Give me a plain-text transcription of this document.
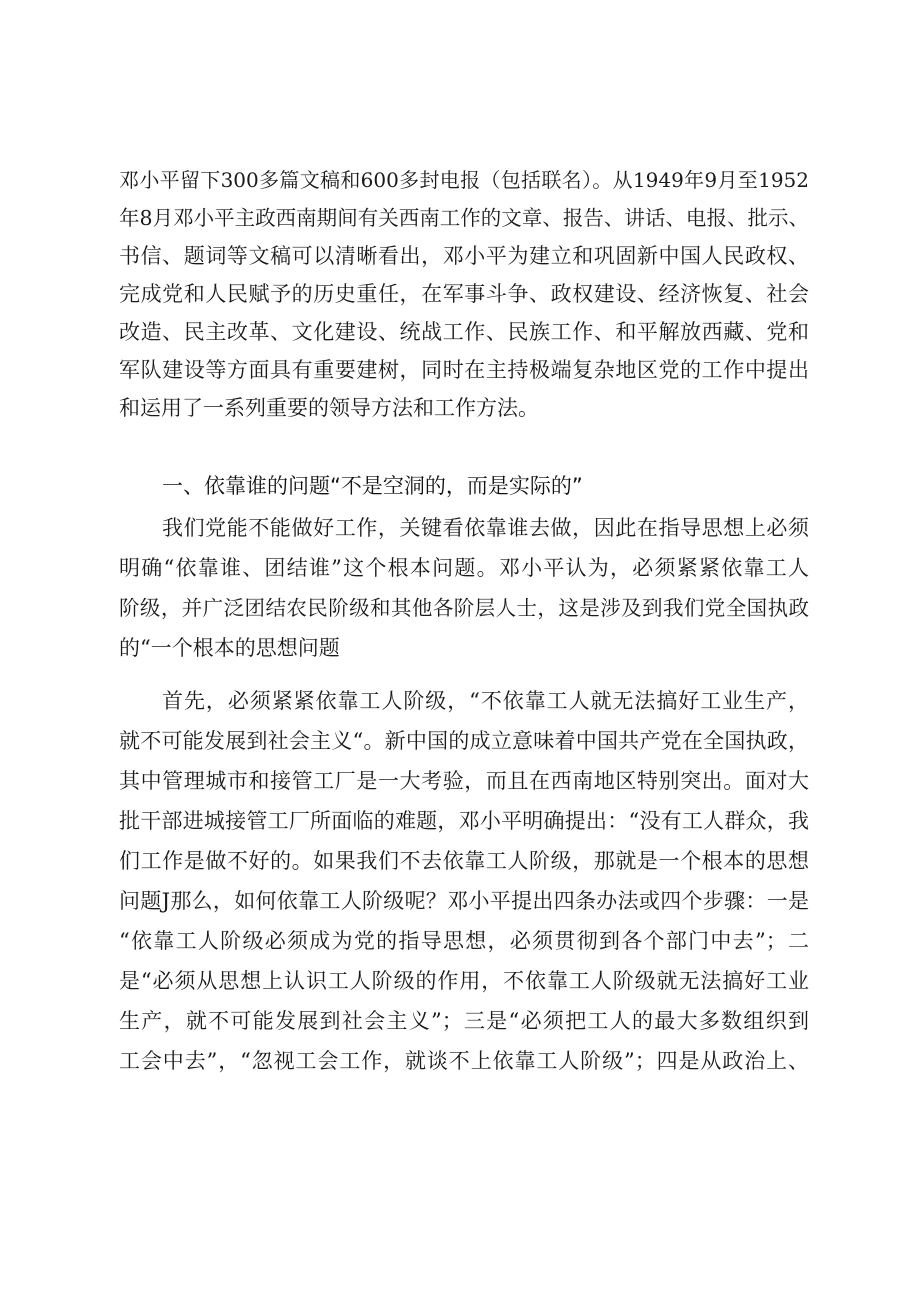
邓小平留下300多篇文稿和600多封电报（包括联名）。从1949年9月至1952
年8月邓小平主政西南期间有关西南工作的文章、报告、讲话、电报、批示、
书信、题词等文稿可以清晰看出，邓小平为建立和巩固新中国人民政权、
完成党和人民赋予的历史重任，在军事斗争、政权建设、经济恢复、社会
改造、民主改革、文化建设、统战工作、民族工作、和平解放西藏、党和
军队建设等方面具有重要建树，同时在主持极端复杂地区党的工作中提出
和运用了一系列重要的领导方法和工作方法。
一、依靠谁的问题“不是空洞的，而是实际的”
我们党能不能做好工作，关键看依靠谁去做，因此在指导思想上必须
明确“依靠谁、团结谁”这个根本问题。邓小平认为，必须紧紧依靠工人
阶级，并广泛团结农民阶级和其他各阶层人士，这是涉及到我们党全国执政
的“一个根本的思想问题
首先，必须紧紧依靠工人阶级，“不依靠工人就无法搞好工业生产，
就不可能发展到社会主义“。新中国的成立意味着中国共产党在全国执政，
其中管理城市和接管工厂是一大考验，而且在西南地区特别突出。面对大
批干部进城接管工厂所面临的难题，邓小平明确提出：“没有工人群众，我
们工作是做不好的。如果我们不去依靠工人阶级，那就是一个根本的思想
问题J那么，如何依靠工人阶级呢？邓小平提出四条办法或四个步骤：一是
“依靠工人阶级必须成为党的指导思想，必须贯彻到各个部门中去”；二
是“必须从思想上认识工人阶级的作用，不依靠工人阶级就无法搞好工业
生产，就不可能发展到社会主义”；三是“必须把工人的最大多数组织到
工会中去”，“忽视工会工作，就谈不上依靠工人阶级”；四是从政治上、
